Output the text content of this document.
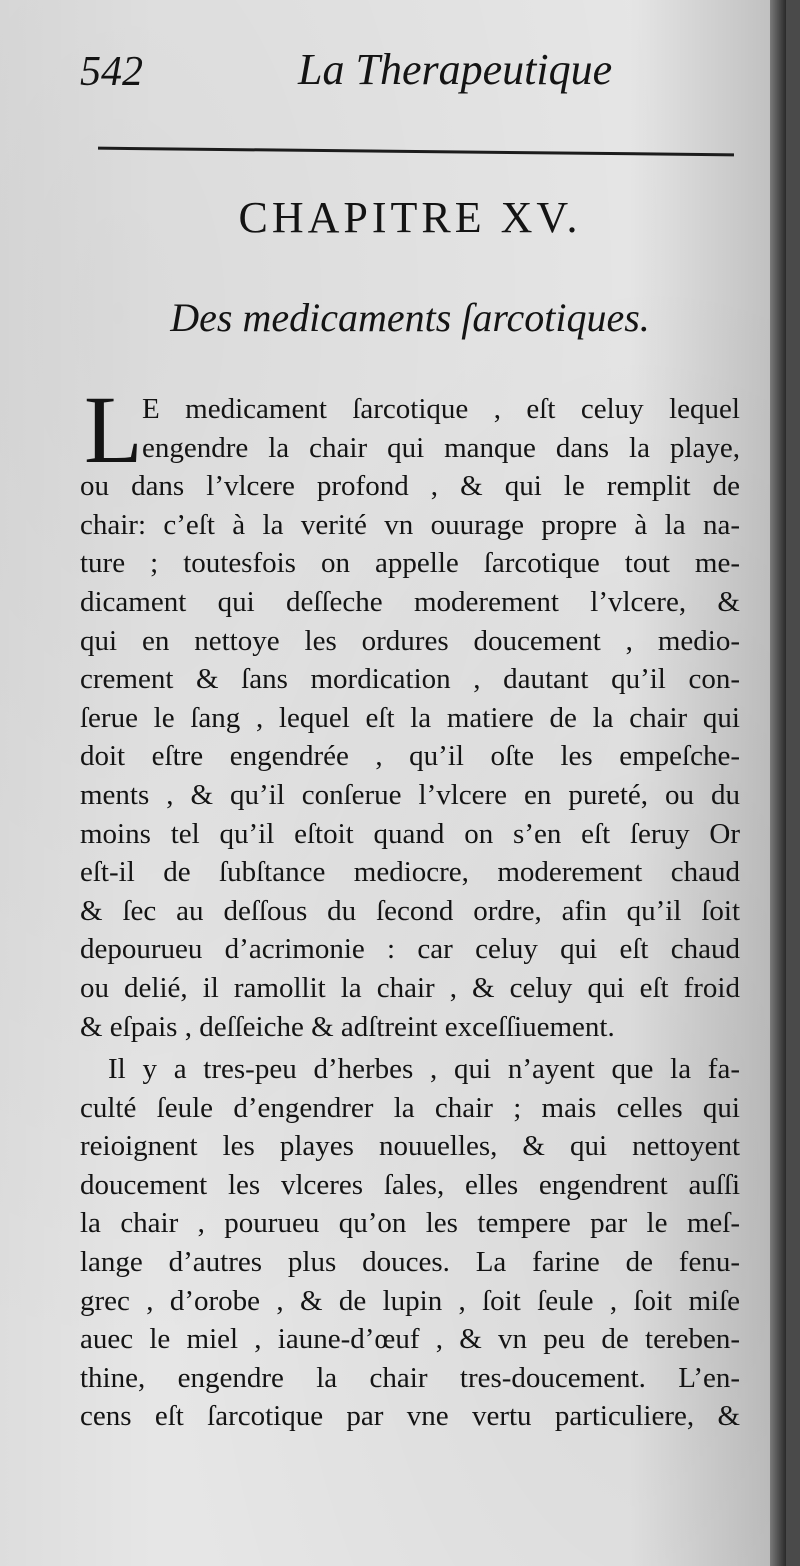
542	La Therapeutique
CHAPITRE XV.
Des medicaments ſarcotiques.
L E medicament ſarcotique , eſt celuy lequel
engendre la chair qui manque dans la playe,
ou dans l’vlcere profond , & qui le remplit de
chair: c’eſt à la verité vn ouurage propre à la na-
ture ; toutesfois on appelle ſarcotique tout me-
dicament qui deſſeche moderement l’vlcere, &
qui en nettoye les ordures doucement , medio-
crement & ſans mordication , dautant qu’il con-
ſerue le ſang , lequel eſt la matiere de la chair qui
doit eſtre engendrée , qu’il oſte les empeſche-
ments , & qu’il conſerue l’vlcere en pureté, ou du
moins tel qu’il eſtoit quand on s’en eſt ſeruy Or
eſt-il de ſubſtance mediocre, moderement chaud
& ſec au deſſous du ſecond ordre, afin qu’il ſoit
depourueu d’acrimonie : car celuy qui eſt chaud
ou delié, il ramollit la chair , & celuy qui eſt froid
& eſpais , deſſeiche & adſtreint exceſſiuement.
Il y a tres-peu d’herbes , qui n’ayent que la fa-
culté ſeule d’engendrer la chair ; mais celles qui
reioignent les playes nouuelles, & qui nettoyent
doucement les vlceres ſales, elles engendrent auſſi
la chair , pourueu qu’on les tempere par le meſ-
lange d’autres plus douces. La farine de fenu-
grec , d’orobe , & de lupin , ſoit ſeule , ſoit miſe
auec le miel , iaune-d’œuf , & vn peu de tereben-
thine, engendre la chair tres-doucement. L’en-
cens eſt ſarcotique par vne vertu particuliere, &
